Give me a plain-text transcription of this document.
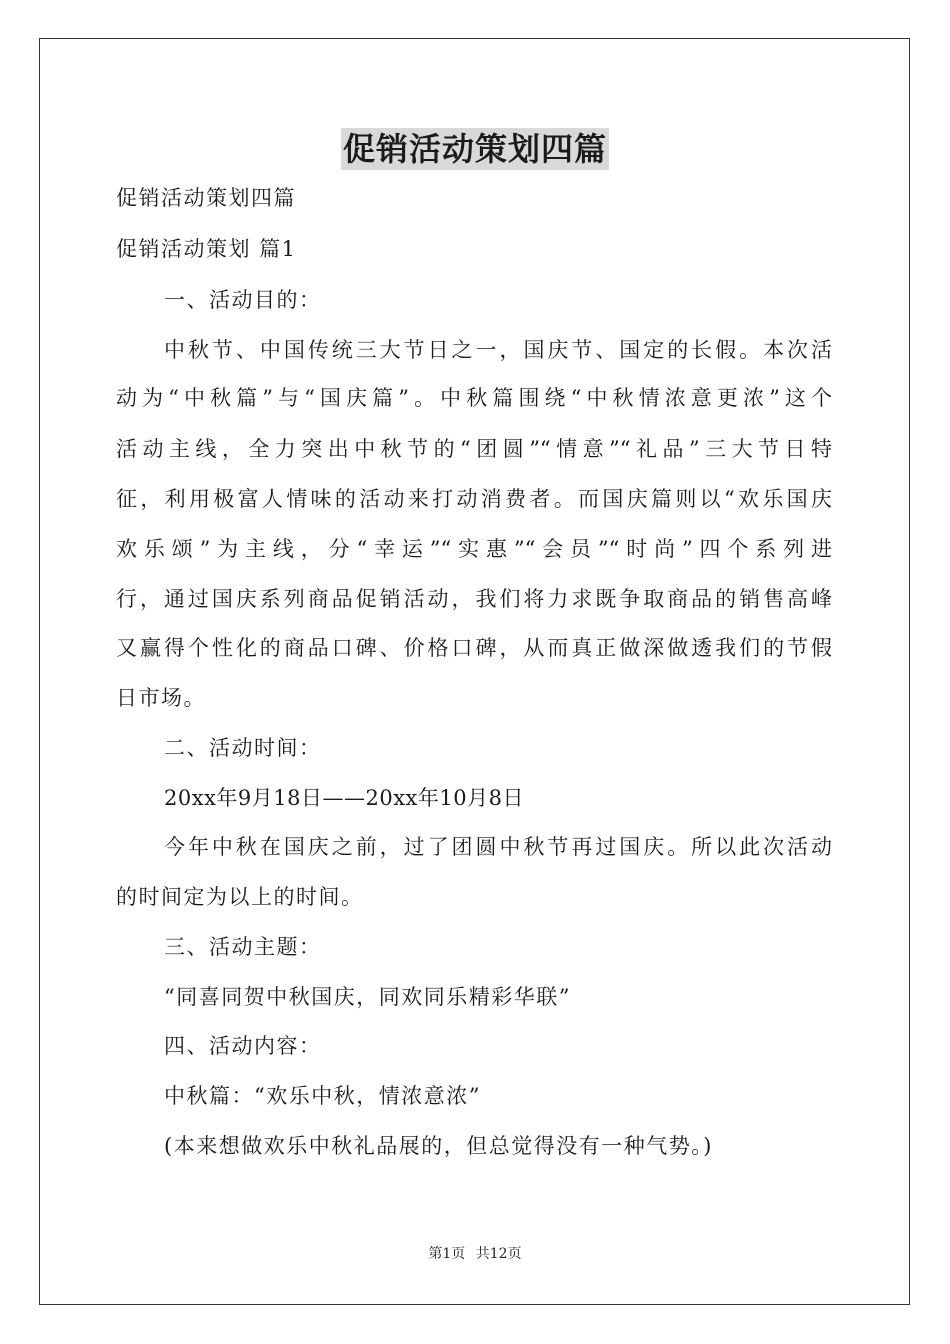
促销活动策划四篇
促销活动策划四篇
促销活动策划 篇1
一、活动目的：
中秋节、中国传统三大节日之一，国庆节、国定的长假。本次活
动为“中秋篇”与“国庆篇”。中秋篇围绕“中秋情浓意更浓”这个
活动主线，全力突出中秋节的“团圆”“情意”“礼品”三大节日特
征，利用极富人情味的活动来打动消费者。而国庆篇则以“欢乐国庆
欢乐颂”为主线，分“幸运”“实惠”“会员”“时尚”四个系列进
行，通过国庆系列商品促销活动，我们将力求既争取商品的销售高峰
又赢得个性化的商品口碑、价格口碑，从而真正做深做透我们的节假
日市场。
二、活动时间：
20xx年9月18日——20xx年10月8日
今年中秋在国庆之前，过了团圆中秋节再过国庆。所以此次活动
的时间定为以上的时间。
三、活动主题：
“同喜同贺中秋国庆，同欢同乐精彩华联”
四、活动内容：
中秋篇：“欢乐中秋，情浓意浓”
(本来想做欢乐中秋礼品展的，但总觉得没有一种气势。)
第1页 共12页
